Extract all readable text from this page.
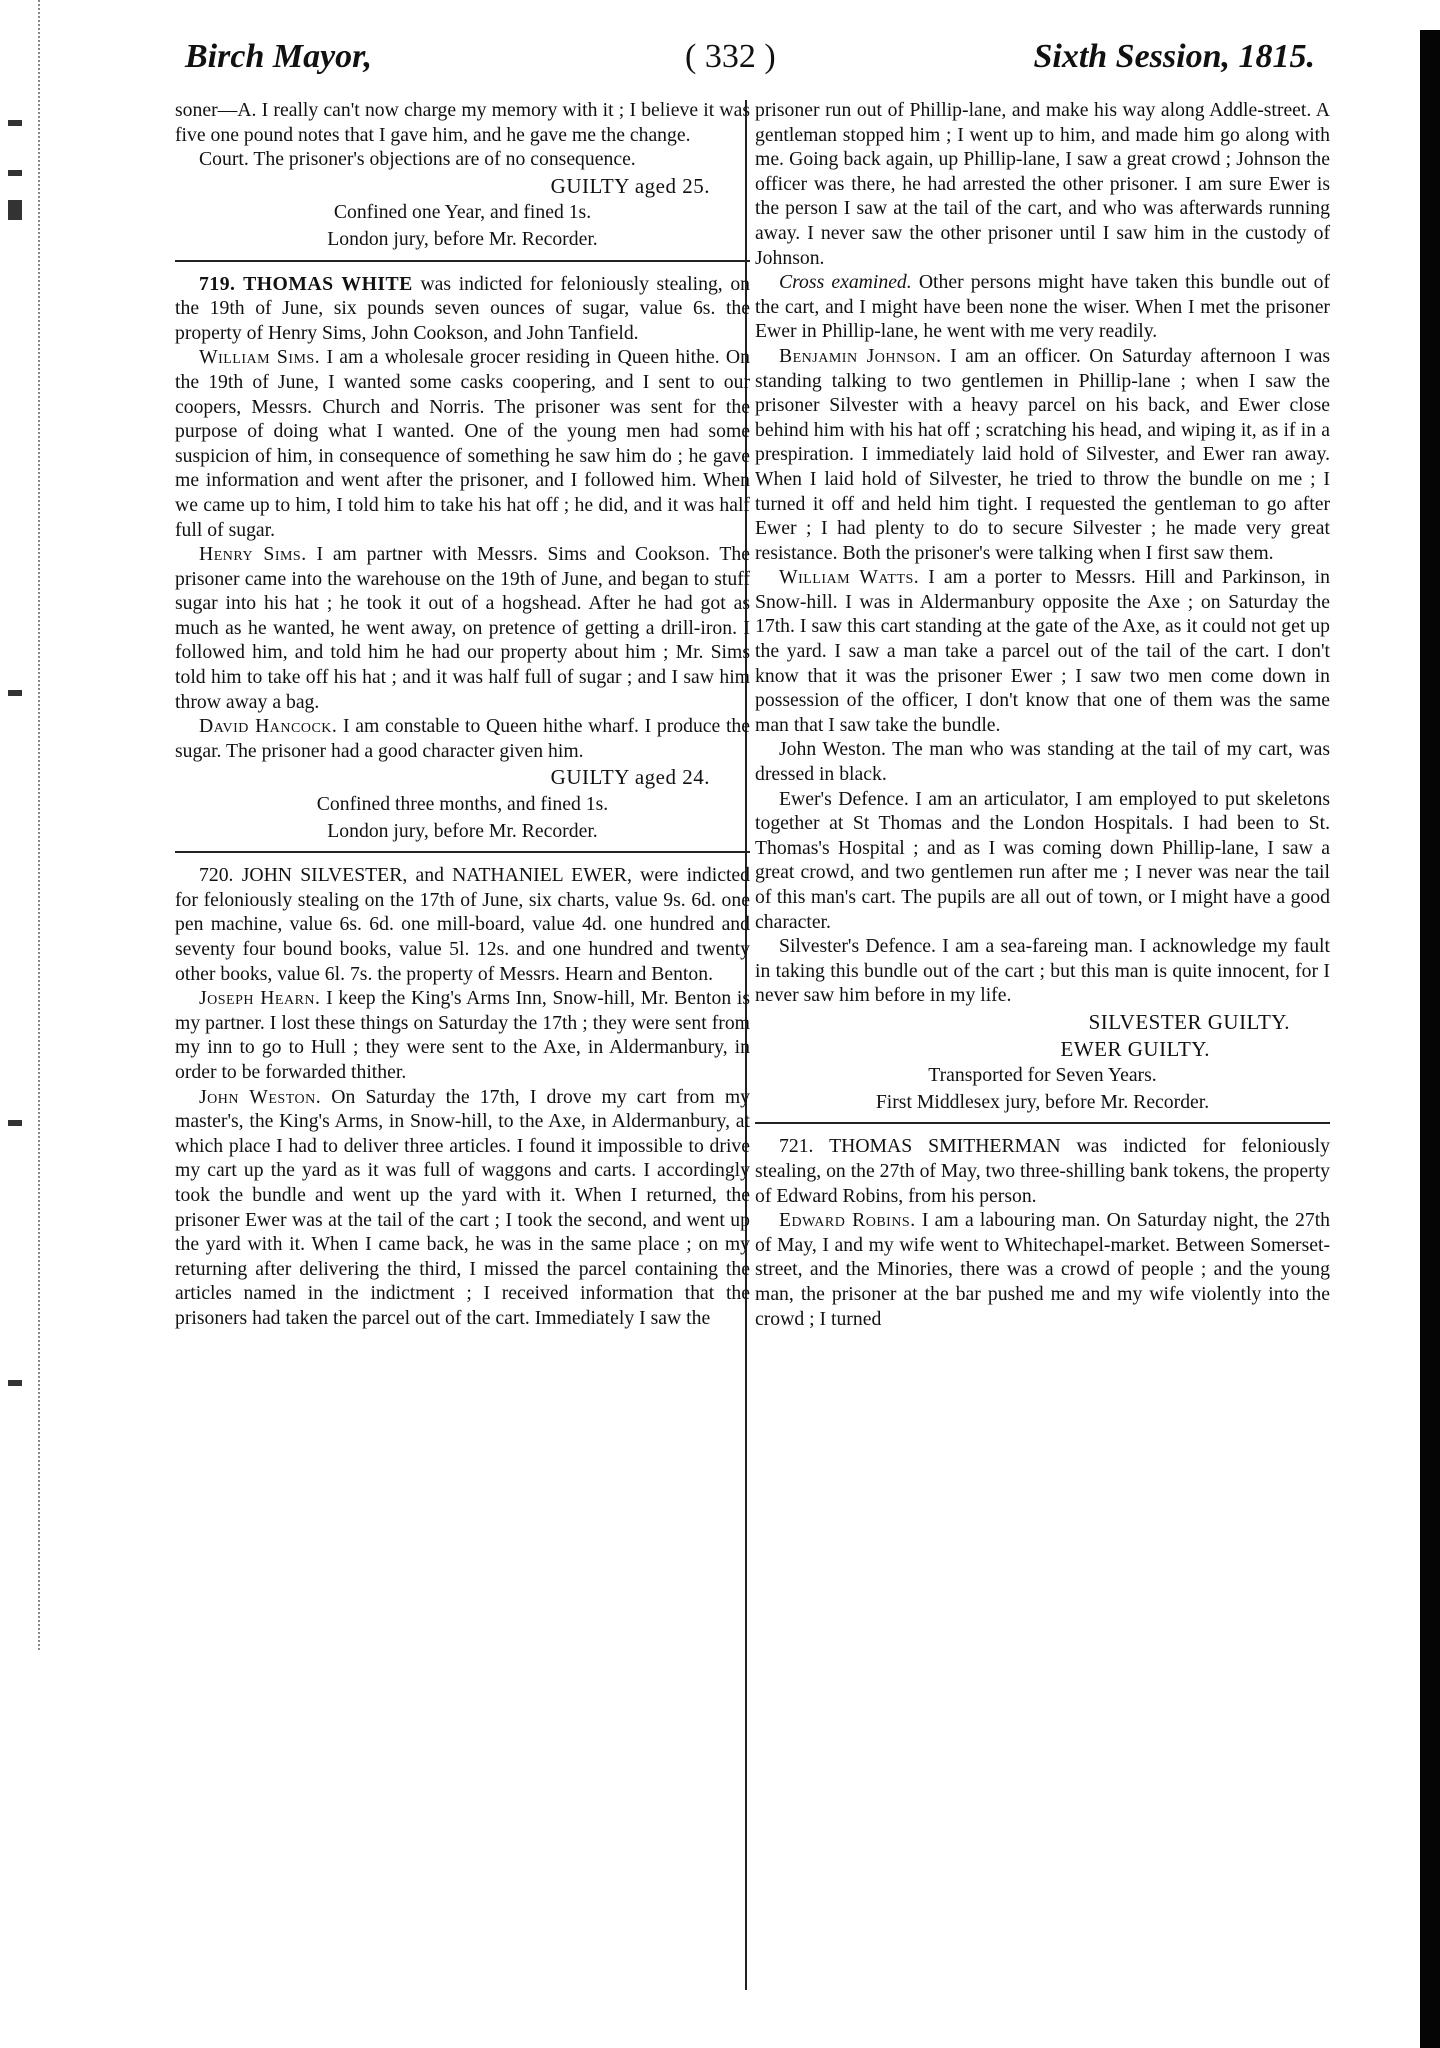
Birch Mayor,	( 332 )	Sixth Session, 1815.

soner—A. I really can't now charge my memory with it ; I believe it was five one pound notes that I gave him, and he gave me the change.

Court. The prisoner's objections are of no consequence.

GUILTY aged 25.
Confined one Year, and fined 1s.
London jury, before Mr. Recorder.

719. THOMAS WHITE was indicted for feloniously stealing, on the 19th of June, six pounds seven ounces of sugar, value 6s. the property of Henry Sims, John Cookson, and John Tanfield.

William Sims. I am a wholesale grocer residing in Queen hithe. On the 19th of June, I wanted some casks coopering, and I sent to our coopers, Messrs. Church and Norris. The prisoner was sent for the purpose of doing what I wanted. One of the young men had some suspicion of him, in consequence of something he saw him do ; he gave me information and went after the prisoner, and I followed him. When we came up to him, I told him to take his hat off ; he did, and it was half full of sugar.

Henry Sims. I am partner with Messrs. Sims and Cookson. The prisoner came into the warehouse on the 19th of June, and began to stuff sugar into his hat ; he took it out of a hogshead. After he had got as much as he wanted, he went away, on pretence of getting a drill-iron. I followed him, and told him he had our property about him ; Mr. Sims told him to take off his hat ; and it was half full of sugar ; and I saw him throw away a bag.

David Hancock. I am constable to Queen hithe wharf. I produce the sugar. The prisoner had a good character given him.

GUILTY aged 24.
Confined three months, and fined 1s.
London jury, before Mr. Recorder.

720. JOHN SILVESTER, and NATHANIEL EWER, were indicted for feloniously stealing on the 17th of June, six charts, value 9s. 6d. one pen machine, value 6s. 6d. one mill-board, value 4d. one hundred and seventy four bound books, value 5l. 12s. and one hundred and twenty other books, value 6l. 7s. the property of Messrs. Hearn and Benton.

Joseph Hearn. I keep the King's Arms Inn, Snow-hill, Mr. Benton is my partner. I lost these things on Saturday the 17th ; they were sent from my inn to go to Hull ; they were sent to the Axe, in Aldermanbury, in order to be forwarded thither.

John Weston. On Saturday the 17th, I drove my cart from my master's, the King's Arms, in Snow-hill, to the Axe, in Aldermanbury, at which place I had to deliver three articles. I found it impossible to drive my cart up the yard as it was full of waggons and carts. I accordingly took the bundle and went up the yard with it. When I returned, the prisoner Ewer was at the tail of the cart ; I took the second, and went up the yard with it. When I came back, he was in the same place ; on my returning after delivering the third, I missed the parcel containing the articles named in the indictment ; I received information that the prisoners had taken the parcel out of the cart. Immediately I saw the

prisoner run out of Phillip-lane, and make his way along Addle-street. A gentleman stopped him ; I went up to him, and made him go along with me. Going back again, up Phillip-lane, I saw a great crowd ; Johnson the officer was there, he had arrested the other prisoner. I am sure Ewer is the person I saw at the tail of the cart, and who was afterwards running away. I never saw the other prisoner until I saw him in the custody of Johnson.

Cross examined. Other persons might have taken this bundle out of the cart, and I might have been none the wiser. When I met the prisoner Ewer in Phillip-lane, he went with me very readily.

Benjamin Johnson. I am an officer. On Saturday afternoon I was standing talking to two gentlemen in Phillip-lane ; when I saw the prisoner Silvester with a heavy parcel on his back, and Ewer close behind him with his hat off ; scratching his head, and wiping it, as if in a prespiration. I immediately laid hold of Silvester, and Ewer ran away. When I laid hold of Silvester, he tried to throw the bundle on me ; I turned it off and held him tight. I requested the gentleman to go after Ewer ; I had plenty to do to secure Silvester ; he made very great resistance. Both the prisoner's were talking when I first saw them.

William Watts. I am a porter to Messrs. Hill and Parkinson, in Snow-hill. I was in Aldermanbury opposite the Axe ; on Saturday the 17th. I saw this cart standing at the gate of the Axe, as it could not get up the yard. I saw a man take a parcel out of the tail of the cart. I don't know that it was the prisoner Ewer ; I saw two men come down in possession of the officer, I don't know that one of them was the same man that I saw take the bundle.

John Weston. The man who was standing at the tail of my cart, was dressed in black.

Ewer's Defence. I am an articulator, I am employed to put skeletons together at St Thomas and the London Hospitals. I had been to St. Thomas's Hospital ; and as I was coming down Phillip-lane, I saw a great crowd, and two gentlemen run after me ; I never was near the tail of this man's cart. The pupils are all out of town, or I might have a good character.

Silvester's Defence. I am a sea-fareing man. I acknowledge my fault in taking this bundle out of the cart ; but this man is quite innocent, for I never saw him before in my life.

SILVESTER GUILTY.
EWER GUILTY.
Transported for Seven Years.
First Middlesex jury, before Mr. Recorder.

721. THOMAS SMITHERMAN was indicted for feloniously stealing, on the 27th of May, two three-shilling bank tokens, the property of Edward Robins, from his person.

Edward Robins. I am a labouring man. On Saturday night, the 27th of May, I and my wife went to Whitechapel-market. Between Somerset-street, and the Minories, there was a crowd of people ; and the young man, the prisoner at the bar pushed me and my wife violently into the crowd ; I turned
